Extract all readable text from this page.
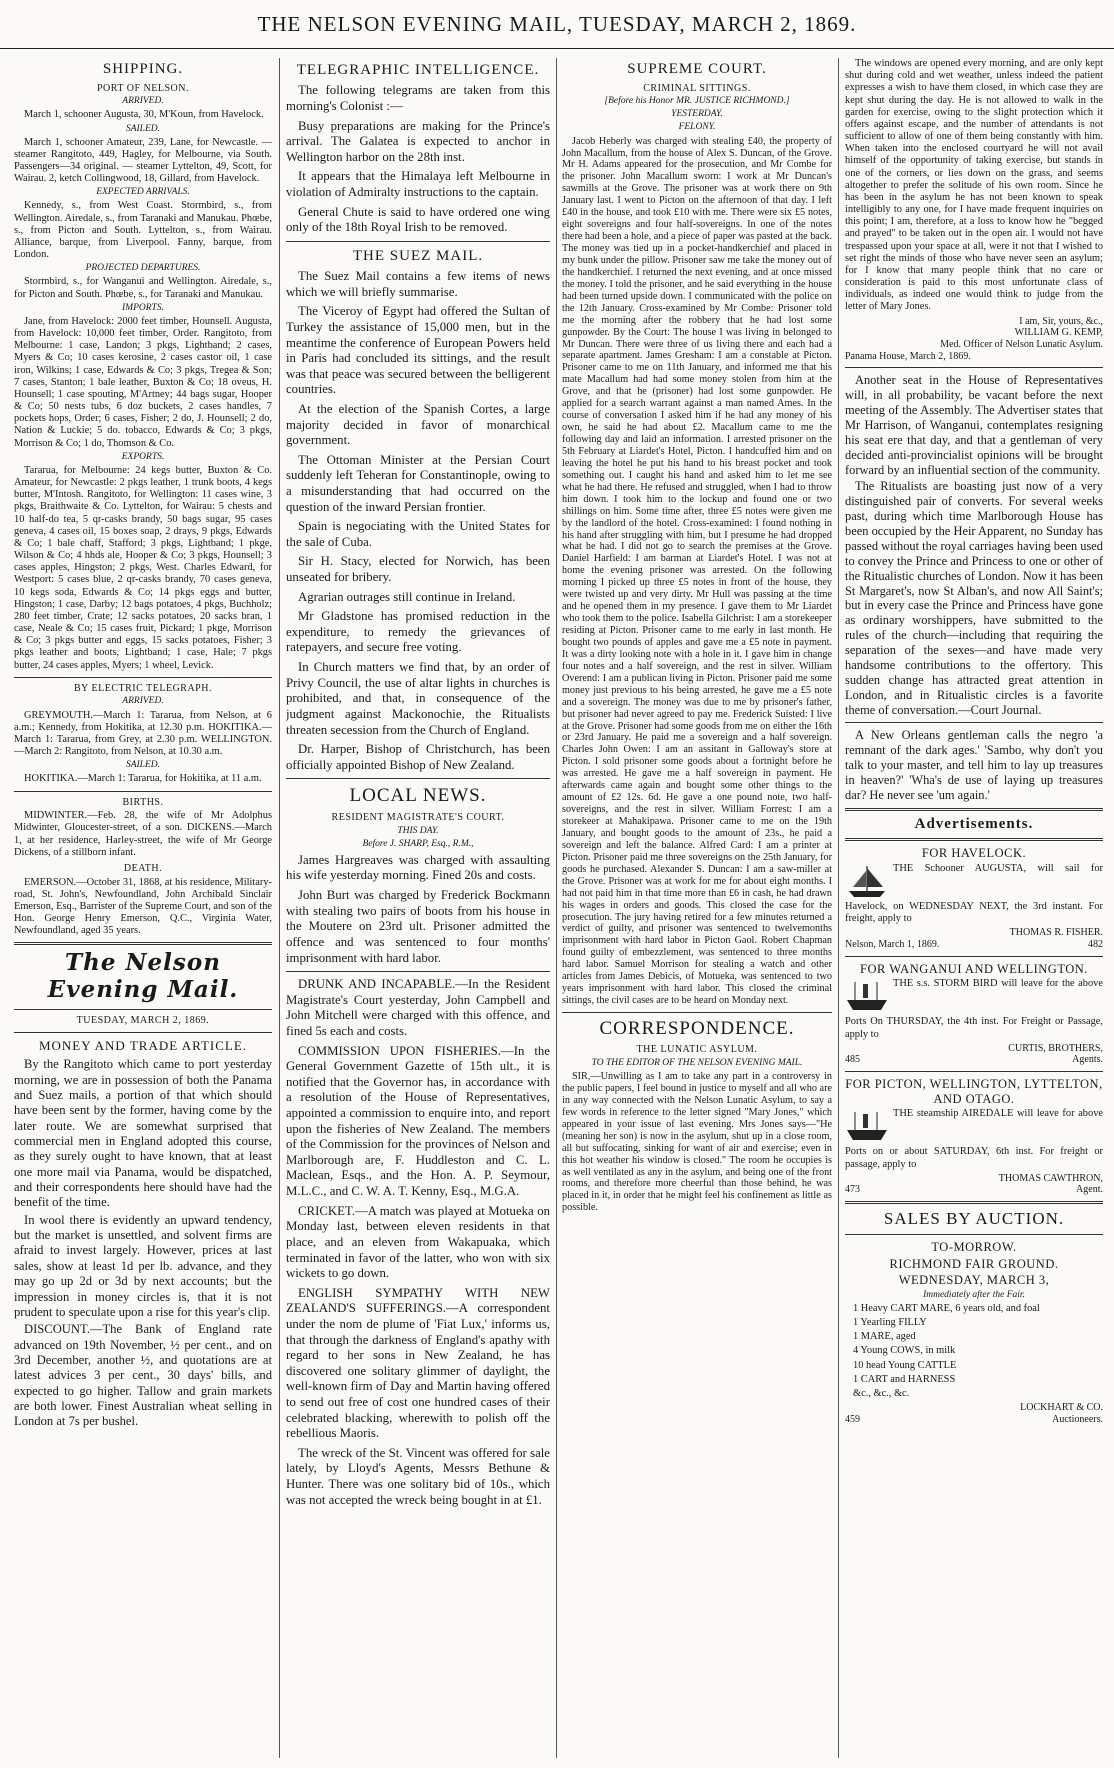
THE NELSON EVENING MAIL, TUESDAY, MARCH 2, 1869.
SHIPPING.
PORT OF NELSON.
ARRIVED.

March 1, schooner Augusta, 30, M'Koun, from Havelock.

SAILED.

March 1, schooner Amateur, 239, Lane, for Newcastle. — steamer Rangitoto, 449, Hagley, for Melbourne, via South. Passengers—34 original. — steamer Lyttelton, 49, Scott, for Wairau. 2, ketch Collingwood, 18, Gillard, from Havelock.

EXPECTED ARRIVALS.

Kennedy, s., from West Coast. Stormbird, s., from Wellington. Airedale, s., from Taranaki and Manukau. Phœbe, s., from Picton and South. Lyttelton, s., from Wairau. Alliance, barque, from Liverpool. Fanny, barque, from London.

PROJECTED DEPARTURES.

Stormbird, s., for Wanganui and Wellington. Airedale, s., for Picton and South. Phœbe, s., for Taranaki and Manukau.

IMPORTS.

Jane, from Havelock: 2000 feet timber, Hounsell. Augusta, from Havelock: 10,000 feet timber, Order. Rangitoto, from Melbourne: 1 case, Landon; 3 pkgs, Lightband; 2 cases, Myers & Co; 10 cases kerosine, 2 cases castor oil, 1 case iron, Wilkins; 1 case, Edwards & Co; 3 pkgs, Tregea & Son; 7 cases, Stanton; 1 bale leather, Buxton & Co; 18 oveus, H. Hounsell; 1 case spouting, M'Artney; 44 bags sugar, Hooper & Co; 50 nests tubs, 6 doz buckets, 2 cases handles, 7 pockets hops, Order; 6 cases, Fisher; 2 do, J. Hounsell; 2 do, Nation & Luckie; 5 do. tobacco, Edwards & Co; 3 pkgs, Morrison & Co; 1 do, Thomson & Co.

EXPORTS.

Tararua, for Melbourne: 24 kegs butter, Buxton & Co. Amateur, for Newcastle: 2 pkgs leather, 1 trunk boots, 4 kegs butter, M'Intosh. Rangitoto, for Wellington: 11 cases wine, 3 pkgs, Braithwaite & Co. Lyttelton, for Wairau: 5 chests and 10 half-do tea, 5 qr-casks brandy, 50 bags sugar, 95 cases geneva, 4 cases oil, 15 boxes soap, 2 drays, 9 pkgs, Edwards & Co; 1 bale chaff, Stafford; 3 pkgs, Lightband; 1 pkge, Wilson & Co; 4 hhds ale, Hooper & Co; 3 pkgs, Hounsell; 3 cases apples, Hingston; 2 pkgs, West. Charles Edward, for Westport: 5 cases blue, 2 qr-casks brandy, 70 cases geneva, 10 kegs soda, Edwards & Co; 14 pkgs eggs and butter, Hingston; 1 case, Darby; 12 bags potatoes, 4 pkgs, Buchholz; 280 feet timber, Crate; 12 sacks potatoes, 20 sacks bran, 1 case, Neale & Co; 15 cases fruit, Pickard; 1 pkge, Morrison & Co; 3 pkgs butter and eggs, 15 sacks potatoes, Fisher; 3 pkgs leather and boots, Lightband; 1 case, Hale; 7 pkgs butter, 24 cases apples, Myers; 1 wheel, Levick.

BY ELECTRIC TELEGRAPH.
ARRIVED.

GREYMOUTH.—March 1: Tararua, from Nelson, at 6 a.m.; Kennedy, from Hokitika, at 12.30 p.m. HOKITIKA.—March 1: Tararua, from Grey, at 2.30 p.m. WELLINGTON.—March 2: Rangitoto, from Nelson, at 10.30 a.m.

SAILED.

HOKITIKA.—March 1: Tararua, for Hokitika, at 11 a.m.

BIRTHS.

MIDWINTER.—Feb. 28, the wife of Mr Adolphus Midwinter, Gloucester-street, of a son. DICKENS.—March 1, at her residence, Harley-street, the wife of Mr George Dickens, of a stillborn infant.

DEATH.

EMERSON.—October 31, 1868, at his residence, Military-road, St. John's, Newfoundland, John Archibald Sinclair Emerson, Esq., Barrister of the Supreme Court, and son of the Hon. George Henry Emerson, Q.C., Virginia Water, Newfoundland, aged 35 years.

The Nelson Evening Mail.
TUESDAY, MARCH 2, 1869.
MONEY AND TRADE ARTICLE.

By the Rangitoto which came to port yesterday morning, we are in possession of both the Panama and Suez mails, a portion of that which should have been sent by the former, having come by the later route. We are somewhat surprised that commercial men in England adopted this course, as they surely ought to have known, that at least one more mail via Panama, would be dispatched, and their correspondents here should have had the benefit of the time.

In wool there is evidently an upward tendency, but the market is unsettled, and solvent firms are afraid to invest largely. However, prices at last sales, show at least 1d per lb. advance, and they may go up 2d or 3d by next accounts; but the impression in money circles is, that it is not prudent to speculate upon a rise for this year's clip.

DISCOUNT.—The Bank of England rate advanced on 19th November, ½ per cent., and on 3rd December, another ½, and quotations are at latest advices 3 per cent., 30 days' bills, and expected to go higher. Tallow and grain markets are both lower. Finest Australian wheat selling in London at 7s per bushel.

TELEGRAPHIC INTELLIGENCE.

The following telegrams are taken from this morning's Colonist :—

Busy preparations are making for the Prince's arrival. The Galatea is expected to anchor in Wellington harbor on the 28th inst.

It appears that the Himalaya left Melbourne in violation of Admiralty instructions to the captain.

General Chute is said to have ordered one wing only of the 18th Royal Irish to be removed.

THE SUEZ MAIL.

The Suez Mail contains a few items of news which we will briefly summarise.

The Viceroy of Egypt had offered the Sultan of Turkey the assistance of 15,000 men, but in the meantime the conference of European Powers held in Paris had concluded its sittings, and the result was that peace was secured between the belligerent countries.

At the election of the Spanish Cortes, a large majority decided in favor of monarchical government.

The Ottoman Minister at the Persian Court suddenly left Teheran for Constantinople, owing to a misunderstanding that had occurred on the question of the inward Persian frontier.

Spain is negociating with the United States for the sale of Cuba.

Sir H. Stacy, elected for Norwich, has been unseated for bribery.

Agrarian outrages still continue in Ireland.

Mr Gladstone has promised reduction in the expenditure, to remedy the grievances of ratepayers, and secure free voting.

In Church matters we find that, by an order of Privy Council, the use of altar lights in churches is prohibited, and that, in consequence of the judgment against Mackonochie, the Ritualists threaten secession from the Church of England.

Dr. Harper, Bishop of Christchurch, has been officially appointed Bishop of New Zealand.

LOCAL NEWS.
RESIDENT MAGISTRATE'S COURT.
THIS DAY.
Before J. SHARP, Esq., R.M.,

James Hargreaves was charged with assaulting his wife yesterday morning. Fined 20s and costs.

John Burt was charged by Frederick Bockmann with stealing two pairs of boots from his house in the Moutere on 23rd ult. Prisoner admitted the offence and was sentenced to four months' imprisonment with hard labor.

DRUNK AND INCAPABLE.—In the Resident Magistrate's Court yesterday, John Campbell and John Mitchell were charged with this offence, and fined 5s each and costs.

COMMISSION UPON FISHERIES.—In the General Government Gazette of 15th ult., it is notified that the Governor has, in accordance with a resolution of the House of Representatives, appointed a commission to enquire into, and report upon the fisheries of New Zealand. The members of the Commission for the provinces of Nelson and Marlborough are, F. Huddleston and C. L. Maclean, Esqs., and the Hon. A. P. Seymour, M.L.C., and C. W. A. T. Kenny, Esq., M.G.A.

CRICKET.—A match was played at Motueka on Monday last, between eleven residents in that place, and an eleven from Wakapuaka, which terminated in favor of the latter, who won with six wickets to go down.

ENGLISH SYMPATHY WITH NEW ZEALAND'S SUFFERINGS.—A correspondent under the nom de plume of 'Fiat Lux,' informs us, that through the darkness of England's apathy with regard to her sons in New Zealand, he has discovered one solitary glimmer of daylight, the well-known firm of Day and Martin having offered to send out free of cost one hundred cases of their celebrated blacking, wherewith to polish off the rebellious Maoris.

The wreck of the St. Vincent was offered for sale lately, by Lloyd's Agents, Messrs Bethune & Hunter. There was one solitary bid of 10s., which was not accepted the wreck being bought in at £1.

SUPREME COURT.
CRIMINAL SITTINGS.
[Before his Honor MR. JUSTICE RICHMOND.]
YESTERDAY.
FELONY.

Jacob Heberly was charged with stealing £40, the property of John Macallum, from the house of Alex S. Duncan, of the Grove. Mr H. Adams appeared for the prosecution, and Mr Combe for the prisoner. John Macallum sworn: I work at Mr Duncan's sawmills at the Grove. The prisoner was at work there on 9th January last. I went to Picton on the afternoon of that day. I left £40 in the house, and took £10 with me. There were six £5 notes, eight sovereigns and four half-sovereigns. In one of the notes there had been a hole, and a piece of paper was pasted at the back. The money was tied up in a pocket-handkerchief and placed in my bunk under the pillow. Prisoner saw me take the money out of the handkerchief. I returned the next evening, and at once missed the money. I told the prisoner, and he said everything in the house had been turned upside down. I communicated with the police on the 12th January. Cross-examined by Mr Combe: Prisoner told me the morning after the robbery that he had lost some gunpowder. By the Court: The house I was living in belonged to Mr Duncan. There were three of us living there and each had a separate apartment. James Gresham: I am a constable at Picton. Prisoner came to me on 11th January, and informed me that his mate Macallum had had some money stolen from him at the Grove, and that he (prisoner) had lost some gunpowder. He applied for a search warrant against a man named Ames. In the course of conversation I asked him if he had any money of his own, he said he had about £2. Macallum came to me the following day and laid an information. I arrested prisoner on the 5th February at Liardet's Hotel, Picton. I handcuffed him and on leaving the hotel he put his hand to his breast pocket and took something out. I caught his hand and asked him to let me see what he had there. He refused and struggled, when I had to throw him down. I took him to the lockup and found one or two shillings on him. Some time after, three £5 notes were given me by the landlord of the hotel. Cross-examined: I found nothing in his hand after struggling with him, but I presume he had dropped what he had. I did not go to search the premises at the Grove. Daniel Harfield: I am barman at Liardet's Hotel. I was not at home the evening prisoner was arrested. On the following morning I picked up three £5 notes in front of the house, they were twisted up and very dirty. Mr Hull was passing at the time and he opened them in my presence. I gave them to Mr Liardet who took them to the police. Isabella Gilchrist: I am a storekeeper residing at Picton. Prisoner came to me early in last month. He bought two pounds of apples and gave me a £5 note in payment. It was a dirty looking note with a hole in it. I gave him in change four notes and a half sovereign, and the rest in silver. William Overend: I am a publican living in Picton. Prisoner paid me some money just previous to his being arrested, he gave me a £5 note and a sovereign. The money was due to me by prisoner's father, but prisoner had never agreed to pay me. Frederick Suisted: I live at the Grove. Prisoner had some goods from me on either the 16th or 23rd January. He paid me a sovereign and a half sovereign. Charles John Owen: I am an assitant in Galloway's store at Picton. I sold prisoner some goods about a fortnight before he was arrested. He gave me a half sovereign in payment. He afterwards came again and bought some other things to the amount of £2 12s. 6d. He gave a one pound note, two half-sovereigns, and the rest in silver. William Forrest: I am a storekeer at Mahakipawa. Prisoner came to me on the 19th January, and bought goods to the amount of 23s., he paid a sovereign and left the balance. Alfred Card: I am a printer at Picton. Prisoner paid me three sovereigns on the 25th January, for goods he purchased. Alexander S. Duncan: I am a saw-miller at the Grove. Prisoner was at work for me for about eight months. I had not paid him in that time more than £6 in cash, he had drawn his wages in orders and goods. This closed the case for the prosecution. The jury having retired for a few minutes returned a verdict of guilty, and prisoner was sentenced to twelvemonths imprisonment with hard labor in Picton Gaol. Robert Chapman found guilty of embezzlement, was sentenced to three months hard labor. Samuel Morrison for stealing a watch and other articles from James Debicis, of Motueka, was sentenced to two years imprisonment with hard labor. This closed the criminal sittings, the civil cases are to be heard on Monday next.

CORRESPONDENCE.
THE LUNATIC ASYLUM.
TO THE EDITOR OF THE NELSON EVENING MAIL.

SIR,—Unwilling as I am to take any part in a controversy in the public papers, I feel bound in justice to myself and all who are in any way connected with the Nelson Lunatic Asylum, to say a few words in reference to the letter signed "Mary Jones," which appeared in your issue of last evening. Mrs Jones says—"He (meaning her son) is now in the asylum, shut up in a close room, all but suffocating, sinking for want of air and exercise; even in this hot weather his window is closed." The room he occupies is as well ventilated as any in the asylum, and being one of the front rooms, and therefore more cheerful than those behind, he was placed in it, in order that he might feel his confinement as little as possible.

The windows are opened every morning, and are only kept shut during cold and wet weather, unless indeed the patient expresses a wish to have them closed, in which case they are kept shut during the day. He is not allowed to walk in the garden for exercise, owing to the slight protection which it offers against escape, and the number of attendants is not sufficient to allow of one of them being constantly with him. When taken into the enclosed courtyard he will not avail himself of the opportunity of taking exercise, but stands in one of the corners, or lies down on the grass, and seems altogether to prefer the solitude of his own room. Since he has been in the asylum he has not been known to speak intelligibly to any one, for I have made frequent inquiries on this point; I am, therefore, at a loss to know how he "begged and prayed" to be taken out in the open air. I would not have trespassed upon your space at all, were it not that I wished to set right the minds of those who have never seen an asylum; for I know that many people think that no care or consideration is paid to this most unfortunate class of individuals, as indeed one would think to judge from the letter of Mary Jones.

I am, Sir, yours, &c.,
WILLIAM G. KEMP,
Med. Officer of Nelson Lunatic Asylum.
Panama House, March 2, 1869.

Another seat in the House of Representatives will, in all probability, be vacant before the next meeting of the Assembly. The Advertiser states that Mr Harrison, of Wanganui, contemplates resigning his seat ere that day, and that a gentleman of very decided anti-provincialist opinions will be brought forward by an influential section of the community.

The Ritualists are boasting just now of a very distinguished pair of converts. For several weeks past, during which time Marlborough House has been occupied by the Heir Apparent, no Sunday has passed without the royal carriages having been used to convey the Prince and Princess to one or other of the Ritualistic churches of London. Now it has been St Margaret's, now St Alban's, and now All Saint's; but in every case the Prince and Princess have gone as ordinary worshippers, have submitted to the rules of the church—including that requiring the separation of the sexes—and have made very handsome contributions to the offertory. This sudden change has attracted great attention in London, and in Ritualistic circles is a favorite theme of conversation.—Court Journal.

A New Orleans gentleman calls the negro 'a remnant of the dark ages.' 'Sambo, why don't you talk to your master, and tell him to lay up treasures in heaven?' 'Wha's de use of laying up treasures dar? He never see 'um again.'

Advertisements.
FOR HAVELOCK.

THE Schooner AUGUSTA, will sail for Havelock, on WEDNESDAY NEXT, the 3rd instant. For freight, apply to

THOMAS R. FISHER.
Nelson, March 1, 1869.	482
FOR WANGANUI AND WELLINGTON.

THE s.s. STORM BIRD will leave for the above Ports On THURSDAY, the 4th inst. For Freight or Passage, apply to

CURTIS, BROTHERS,
485	Agents.
FOR PICTON, WELLINGTON, LYTTELTON, AND OTAGO.

THE steamship AIREDALE will leave for above Ports on or about SATURDAY, 6th inst. For freight or passage, apply to

THOMAS CAWTHRON,
473	Agent.
SALES BY AUCTION.
TO-MORROW.
RICHMOND FAIR GROUND.
WEDNESDAY, MARCH 3,
Immediately after the Fair.

1 Heavy CART MARE, 6 years old, and foal

1 Yearling FILLY

1 MARE, aged

4 Young COWS, in milk

10 head Young CATTLE

1 CART and HARNESS

&c., &c., &c.

LOCKHART & CO.
459	Auctioneers.
